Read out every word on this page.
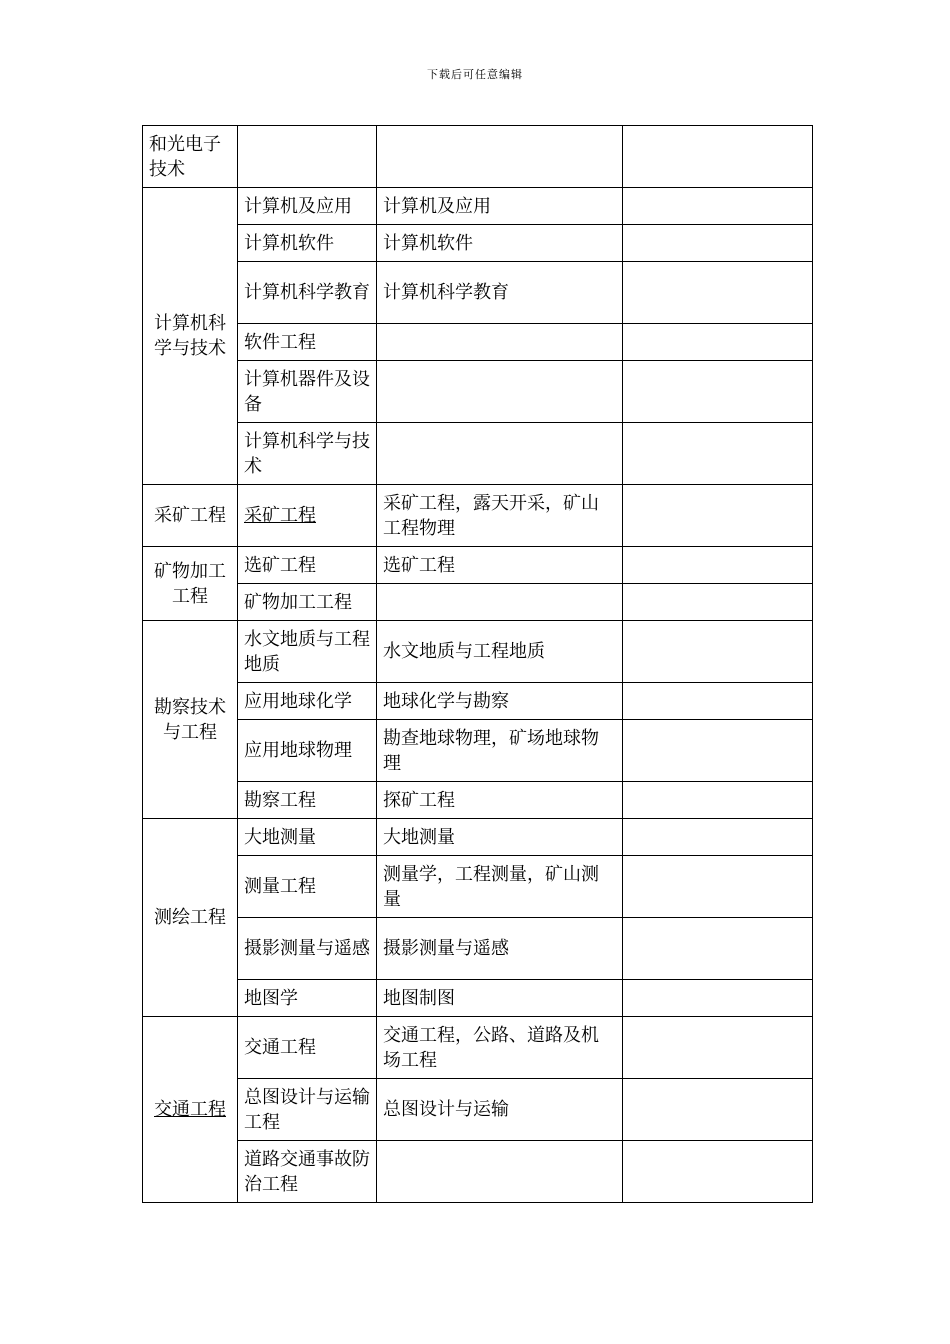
下载后可任意编辑
和光电子技术			
计算机科学与技术	计算机及应用	计算机及应用	
	计算机软件	计算机软件	
	计算机科学教育	计算机科学教育	
	软件工程		
	计算机器件及设备		
	计算机科学与技术		
采矿工程	采矿工程	采矿工程，露天开采，矿山工程物理	
矿物加工工程	选矿工程	选矿工程	
	矿物加工工程		
勘察技术与工程	水文地质与工程地质	水文地质与工程地质	
	应用地球化学	地球化学与勘察	
	应用地球物理	勘查地球物理，矿场地球物理	
	勘察工程	探矿工程	
测绘工程	大地测量	大地测量	
	测量工程	测量学，工程测量，矿山测量	
	摄影测量与遥感	摄影测量与遥感	
	地图学	地图制图	
交通工程	交通工程	交通工程，公路、道路及机场工程	
	总图设计与运输工程	总图设计与运输	
	道路交通事故防治工程		
